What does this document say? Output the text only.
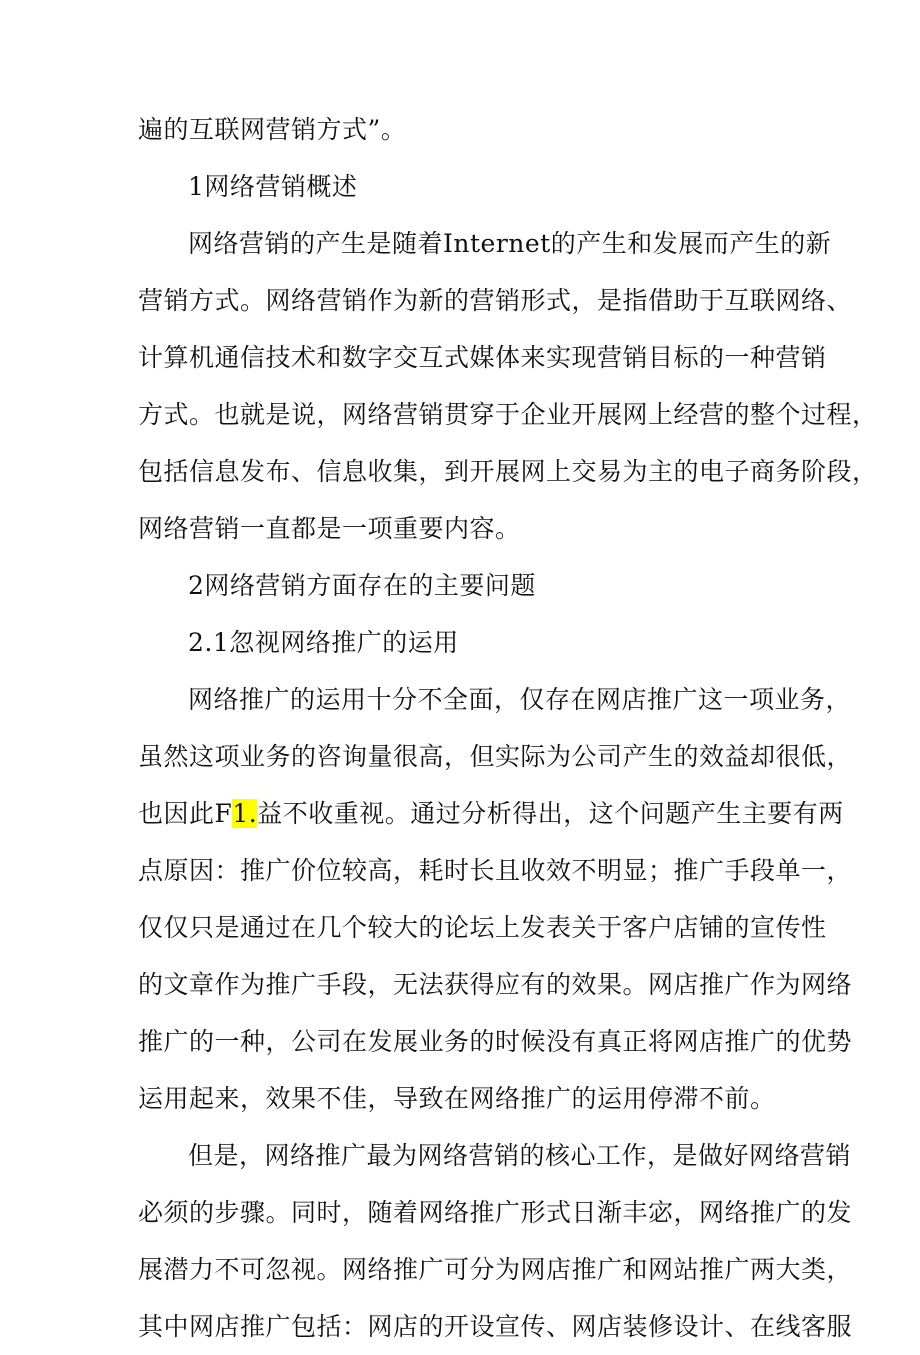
遍的互联网营销方式”。
1网络营销概述
网络营销的产生是随着Internet的产生和发展而产生的新
营销方式。网络营销作为新的营销形式，是指借助于互联网络、
计算机通信技术和数字交互式媒体来实现营销目标的一种营销
方式。也就是说，网络营销贯穿于企业开展网上经营的整个过程，
包括信息发布、信息收集，到开展网上交易为主的电子商务阶段，
网络营销一直都是一项重要内容。
2网络营销方面存在的主要问题
2.1忽视网络推广的运用
网络推广的运用十分不全面，仅存在网店推广这一项业务，
虽然这项业务的咨询量很高，但实际为公司产生的效益却很低，
也因此F1.益不收重视。通过分析得出，这个问题产生主要有两
点原因：推广价位较高，耗时长且收效不明显；推广手段单一，
仅仅只是通过在几个较大的论坛上发表关于客户店铺的宣传性
的文章作为推广手段，无法获得应有的效果。网店推广作为网络
推广的一种，公司在发展业务的时候没有真正将网店推广的优势
运用起来，效果不佳，导致在网络推广的运用停滞不前。
但是，网络推广最为网络营销的核心工作，是做好网络营销
必须的步骤。同时，随着网络推广形式日渐丰宓，网络推广的发
展潜力不可忽视。网络推广可分为网店推广和网站推广两大类，
其中网店推广包括：网店的开设宣传、网店装修设计、在线客服
